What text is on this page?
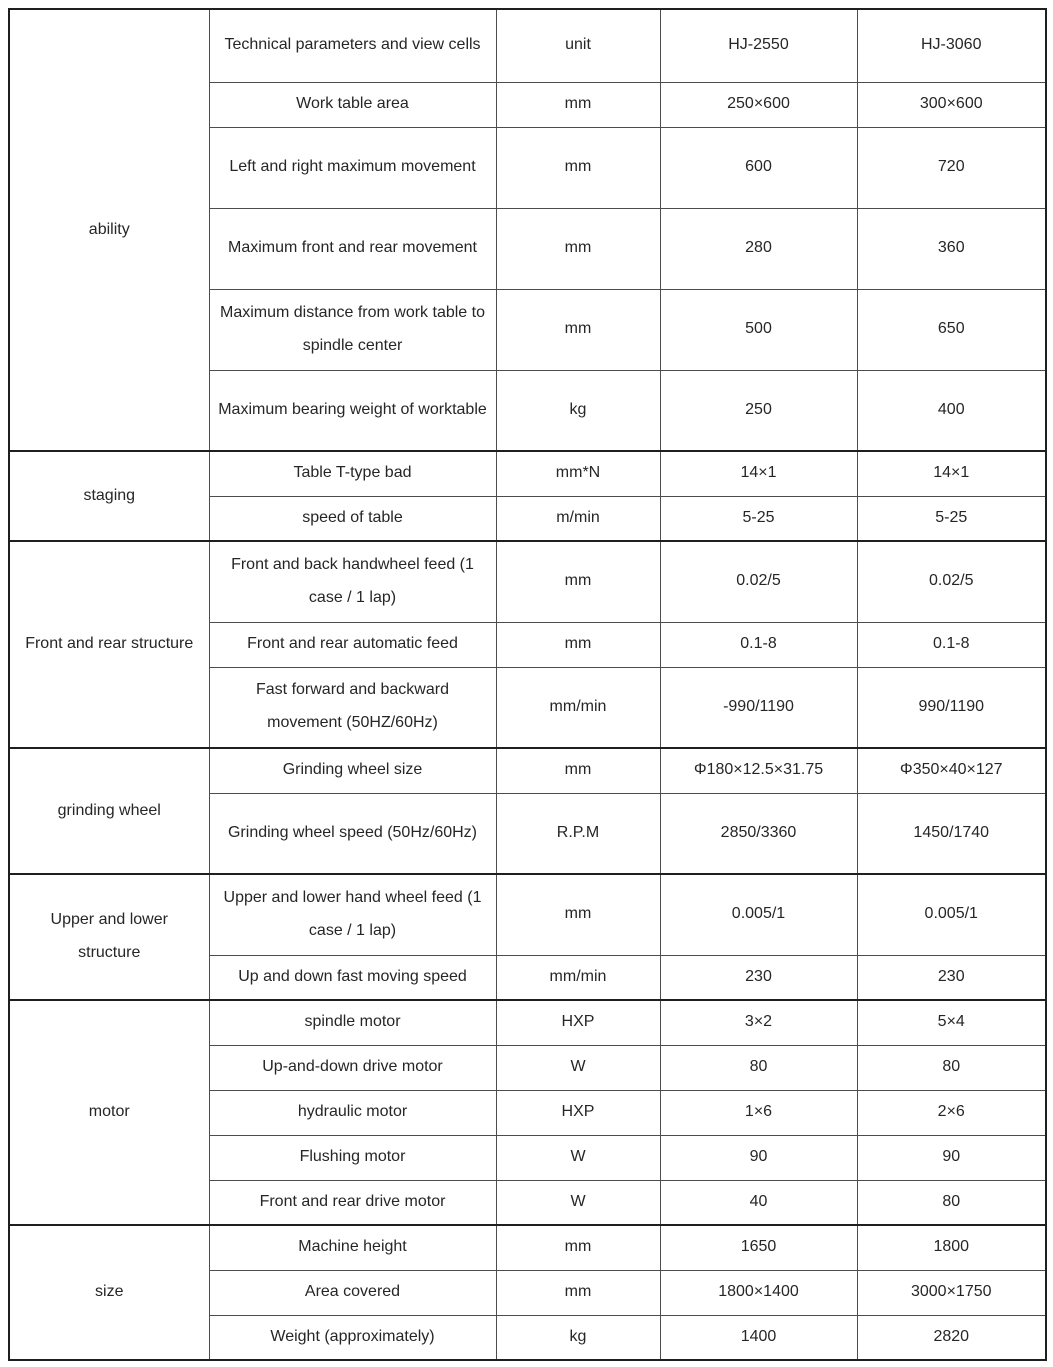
ability	Technical parameters and view cells	unit	HJ-2550	HJ-3060
	Work table area	mm	250×600	300×600
	Left and right maximum movement	mm	600	720
	Maximum front and rear movement	mm	280	360
	Maximum distance from work table to spindle center	mm	500	650
	Maximum bearing weight of worktable	kg	250	400
staging	Table T-type bad	mm*N	14×1	14×1
	speed of table	m/min	5-25	5-25
Front and rear structure	Front and back handwheel feed (1 case / 1 lap)	mm	0.02/5	0.02/5
	Front and rear automatic feed	mm	0.1-8	0.1-8
	Fast forward and backward movement (50HZ/60Hz)	mm/min	-990/1190	990/1190
grinding wheel	Grinding wheel size	mm	Φ180×12.5×31.75	Φ350×40×127
	Grinding wheel speed (50Hz/60Hz)	R.P.M	2850/3360	1450/1740
Upper and lower structure	Upper and lower hand wheel feed (1 case / 1 lap)	mm	0.005/1	0.005/1
	Up and down fast moving speed	mm/min	230	230
motor	spindle motor	HXP	3×2	5×4
	Up-and-down drive motor	W	80	80
	hydraulic motor	HXP	1×6	2×6
	Flushing motor	W	90	90
	Front and rear drive motor	W	40	80
size	Machine height	mm	1650	1800
	Area covered	mm	1800×1400	3000×1750
	Weight (approximately)	kg	1400	2820
